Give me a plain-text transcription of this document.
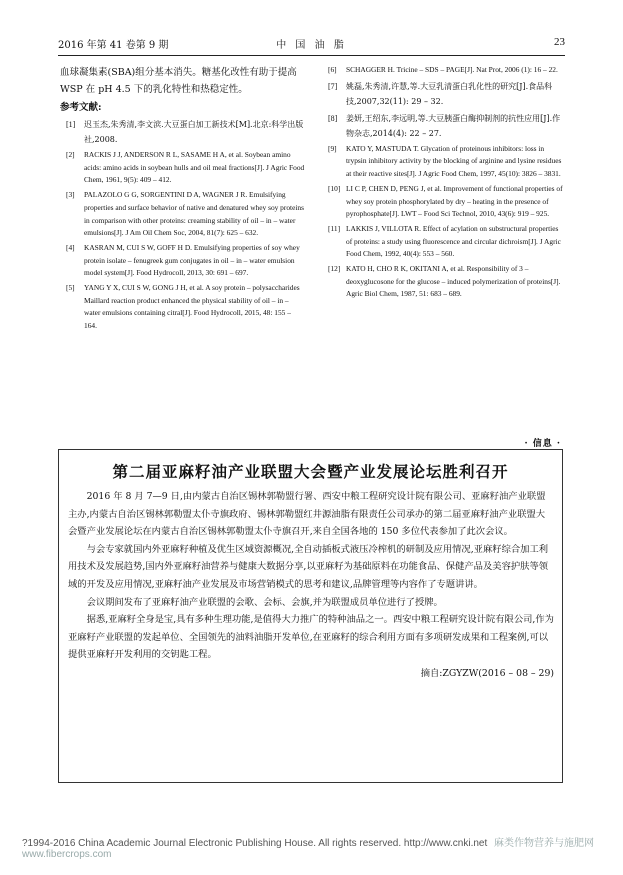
2016 年第 41 卷第 9 期	中 国 油 脂	23
血球凝集素(SBA)组分基本消失。糖基化改性有助于提高 WSP 在 pH 4.5 下的乳化特性和热稳定性。
参考文献:
[1] 迟玉杰,朱秀清,李文滨.大豆蛋白加工新技术[M].北京:科学出版社,2008.
[2] RACKIS J J, ANDERSON R L, SASAME H A, et al. Soybean amino acids: amino acids in soybean hulls and oil meal fractions[J]. J Agric Food Chem, 1961, 9(5): 409 – 412.
[3] PALAZOLO G G, SORGENTINI D A, WAGNER J R. Emulsifying properties and surface behavior of native and denatured whey soy proteins in comparison with other proteins: creaming stability of oil – in – water emulsions[J]. J Am Oil Chem Soc, 2004, 81(7): 625 – 632.
[4] KASRAN M, CUI S W, GOFF H D. Emulsifying properties of soy whey protein isolate – fenugreek gum conjugates in oil – in – water emulsion model system[J]. Food Hydrocoll, 2013, 30: 691 – 697.
[5] YANG Y X, CUI S W, GONG J H, et al. A soy protein – polysaccharides Maillard reaction product enhanced the physical stability of oil – in – water emulsions containing citral[J]. Food Hydrocoll, 2015, 48: 155 – 164.
[6] SCHAGGER H. Tricine – SDS – PAGE[J]. Nat Prot, 2006 (1): 16 – 22.
[7] 姚磊,朱秀清,许慧,等.大豆乳清蛋白乳化性的研究[J].食品科技,2007,32(11): 29 – 32.
[8] 姜妍,王绍东,李远明,等.大豆胰蛋白酶抑制剂的抗性应用[J].作物杂志,2014(4): 22 – 27.
[9] KATO Y, MASTUDA T. Glycation of proteinous inhibitors: loss in trypsin inhibitory activity by the blocking of arginine and lysine residues at their reactive sites[J]. J Agric Food Chem, 1997, 45(10): 3826 – 3831.
[10] LI C P, CHEN D, PENG J, et al. Improvement of functional properties of whey soy protein phosphorylated by dry – heating in the presence of pyrophosphate[J]. LWT – Food Sci Technol, 2010, 43(6): 919 – 925.
[11] LAKKIS J, VILLOTA R. Effect of acylation on substructural properties of proteins: a study using fluorescence and circular dichroism[J]. J Agric Food Chem, 1992, 40(4): 553 – 560.
[12] KATO H, CHO R K, OKITANI A, et al. Responsibility of 3 – deoxyglucosone for the glucose – induced polymerization of proteins[J]. Agric Biol Chem, 1987, 51: 683 – 689.
· 信息 ·
第二届亚麻籽油产业联盟大会暨产业发展论坛胜利召开

2016 年 8 月 7—9 日,由内蒙古自治区锡林郭勒盟行署、西安中粮工程研究设计院有限公司、亚麻籽油产业联盟主办,内蒙古自治区锡林郭勒盟太仆寺旗政府、锡林郭勒盟红井源油脂有限责任公司承办的第二届亚麻籽油产业联盟大会暨产业发展论坛在内蒙古自治区锡林郭勒盟太仆寺旗召开,来自全国各地的 150 多位代表参加了此次会议。

与会专家就国内外亚麻籽种植及优生区域资源概况,全自动插板式液压冷榨机的研制及应用情况,亚麻籽综合加工利用技术及发展趋势,国内外亚麻籽油营养与健康大数据分享,以亚麻籽为基础原料在功能食品、保健产品及美容护肤等领域的开发及应用情况,亚麻籽油产业发展及市场营销模式的思考和建议,品牌管理等内容作了专题讲讲。

会议期间发布了亚麻籽油产业联盟的会歌、会标、会旗,并为联盟成员单位进行了授牌。

据悉,亚麻籽全身是宝,具有多种生理功能,是值得大力推广的特种油品之一。西安中粮工程研究设计院有限公司,作为亚麻籽产业联盟的发起单位、全国领先的油料油脂开发单位,在亚麻籽的综合利用方面有多项研发成果和工程案例,可以提供亚麻籽开发利用的交钥匙工程。

摘自:ZGYZW(2016 – 08 – 29)
?1994-2016 China Academic Journal Electronic Publishing House. All rights reserved. http://www.cnki.net 麻类作物营养与施肥网 www.fibercrops.com
